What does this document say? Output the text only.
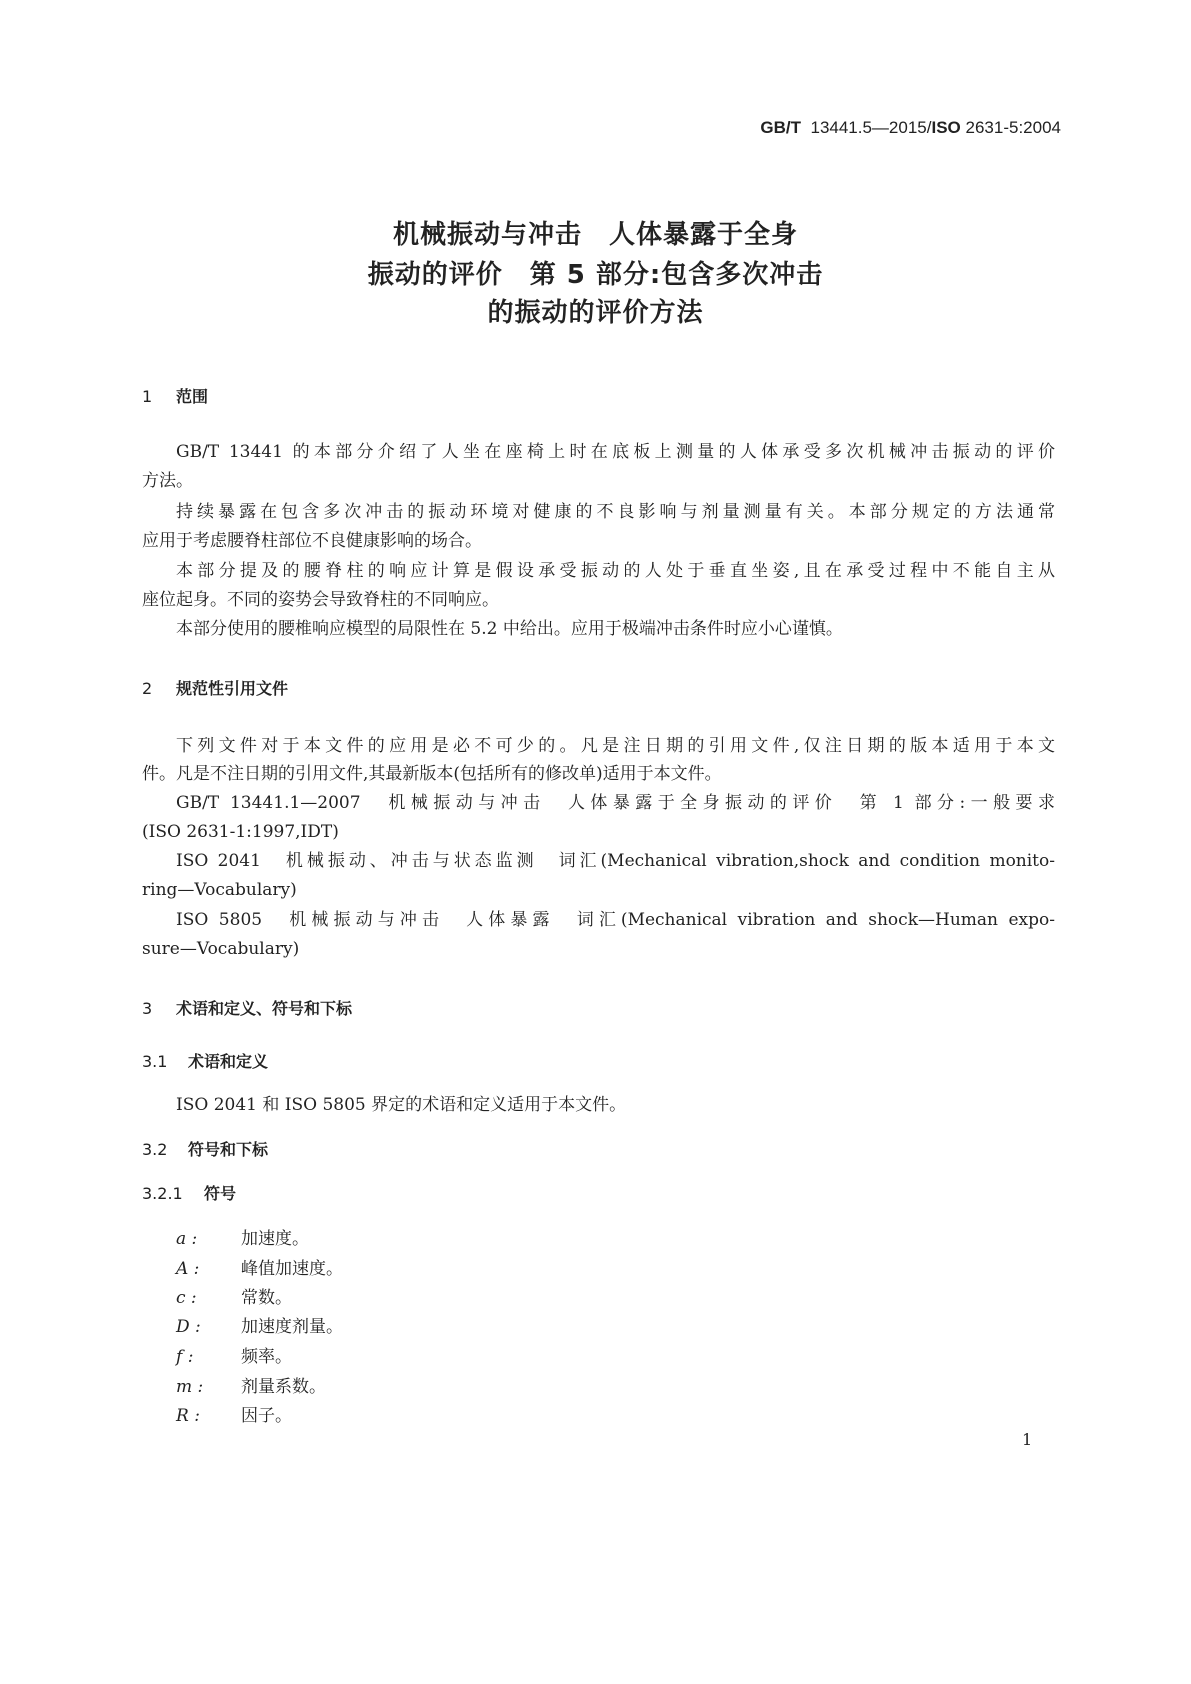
GB/T 13441.5—2015/ISO 2631-5:2004
机械振动与冲击　人体暴露于全身
振动的评价　第 5 部分:包含多次冲击
的振动的评价方法
1 范围
GB/T 13441 的本部分介绍了人坐在座椅上时在底板上测量的人体承受多次机械冲击振动的评价
方法。
持续暴露在包含多次冲击的振动环境对健康的不良影响与剂量测量有关。本部分规定的方法通常
应用于考虑腰脊柱部位不良健康影响的场合。
本部分提及的腰脊柱的响应计算是假设承受振动的人处于垂直坐姿,且在承受过程中不能自主从
座位起身。不同的姿势会导致脊柱的不同响应。
本部分使用的腰椎响应模型的局限性在 5.2 中给出。应用于极端冲击条件时应小心谨慎。
2 规范性引用文件
下列文件对于本文件的应用是必不可少的。凡是注日期的引用文件,仅注日期的版本适用于本文
件。凡是不注日期的引用文件,其最新版本(包括所有的修改单)适用于本文件。
GB/T 13441.1—2007　机械振动与冲击　人体暴露于全身振动的评价　第 1 部分:一般要求
(ISO 2631-1:1997,IDT)
ISO 2041　机械振动、冲击与状态监测　词汇(Mechanical vibration,shock and condition monito-
ring—Vocabulary)
ISO 5805　机械振动与冲击　人体暴露　词汇(Mechanical vibration and shock—Human expo-
sure—Vocabulary)
3 术语和定义、符号和下标
3.1 术语和定义
ISO 2041 和 ISO 5805 界定的术语和定义适用于本文件。
3.2 符号和下标
3.2.1 符号
a :	加速度。
A : 峰值加速度。
c :	常数。
D : 加速度剂量。
f :	频率。
m : 剂量系数。
R : 因子。
1
